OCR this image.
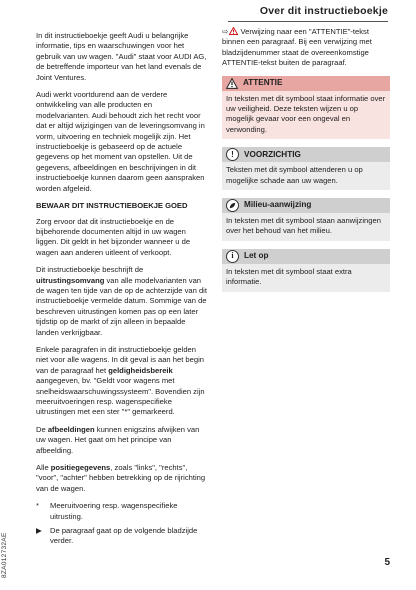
Over dit instructieboekje

In dit instructieboekje geeft Audi u belangrijke informatie, tips en waarschuwingen voor het gebruik van uw wagen. "Audi" staat voor AUDI AG, de betreffende importeur van het land evenals de Joint Ventures.

Audi werkt voortdurend aan de verdere ontwikkeling van alle producten en modelvarianten. Audi behoudt zich het recht voor dat er altijd wijzigingen van de leveringsomvang in vorm, uitvoering en techniek mogelijk zijn. Het instructieboekje is gebaseerd op de actuele gegevens op het moment van opstellen. Uit de gegevens, afbeeldingen en beschrijvingen in dit instructieboekje kunnen daarom geen aanspraken worden afgeleid.

BEWAAR DIT INSTRUCTIEBOEKJE GOED

Zorg ervoor dat dit instructieboekje en de bijbehorende documenten altijd in uw wagen liggen. Dit geldt in het bijzonder wanneer u de wagen aan anderen uitleent of verkoopt.

Dit instructieboekje beschrijft de uitrustingsomvang van alle modelvarianten van de wagen ten tijde van de op de achterzijde van dit instructieboekje vermelde datum. Sommige van de beschreven uitrustingen komen pas op een later tijdstip op de markt of zijn alleen in bepaalde landen verkrijgbaar.

Enkele paragrafen in dit instructieboekje gelden niet voor alle wagens. In dit geval is aan het begin van de paragraaf het geldigheidsbereik aangegeven, bv. "Geldt voor wagens met snelheidswaarschuwingssysteem". Bovendien zijn meeruitvoeringen resp. wagenspecifieke uitrustingen met een ster "*" gemarkeerd.

De afbeeldingen kunnen enigszins afwijken van uw wagen. Het gaat om het principe van afbeelding.

Alle positiegegevens, zoals "links", "rechts", "voor", "achter" hebben betrekking op de rijrichting van de wagen.

* Meeruitvoering resp. wagenspecifieke uitrusting.
▶ De paragraaf gaat op de volgende bladzijde verder.

⇨ Verwijzing naar een "ATTENTIE"-tekst binnen een paragraaf. Bij een verwijzing met bladzijdenummer staat de overeenkomstige ATTENTIE-tekst buiten de paragraaf.

ATTENTIE
In teksten met dit symbool staat informatie over uw veiligheid. Deze teksten wijzen u op mogelijk gevaar voor een ongeval en verwonding.
!	VOORZICHTIG
Teksten met dit symbool attenderen u op mogelijke schade aan uw wagen.
Milieu-aanwijzing
In teksten met dit symbool staan aanwijzingen over het behoud van het milieu.
i	Let op
In teksten met dit symbool staat extra informatie.
8ZA012732AE	5
